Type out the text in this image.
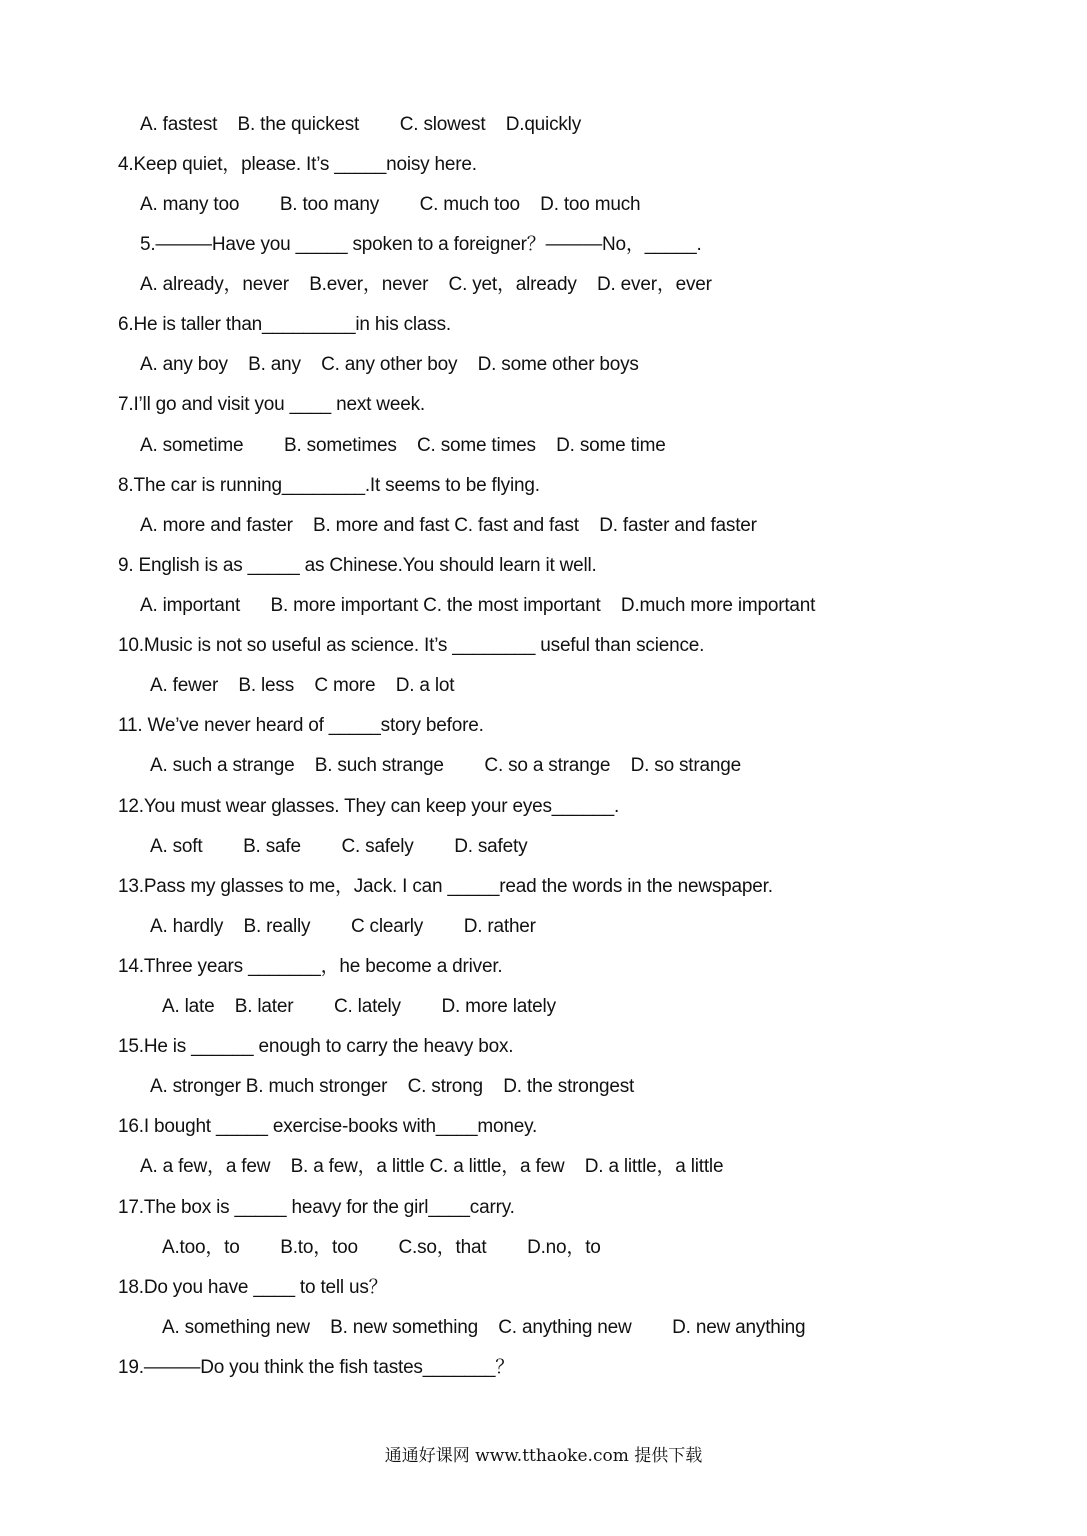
A. fastest    B. the quickest        C. slowest    D.quickly
4.Keep quiet，please. It’s _____noisy here.
A. many too        B. too many        C. much too    D. too much
5.———Have you _____ spoken to a foreigner？———No，_____.
A. already，never    B.ever，never    C. yet，already    D. ever，ever
6.He is taller than_________in his class.
A. any boy    B. any    C. any other boy    D. some other boys
7.I’ll go and visit you ____ next week.
A. sometime        B. sometimes    C. some times    D. some time
8.The car is running________.It seems to be flying.
A. more and faster    B. more and fast C. fast and fast    D. faster and faster
9. English is as _____ as Chinese.You should learn it well.
A. important      B. more important C. the most important    D.much more important
10.Music is not so useful as science. It’s ________ useful than science.
A. fewer    B. less    C more    D. a lot
11. We’ve never heard of _____story before.
A. such a strange    B. such strange        C. so a strange    D. so strange
12.You must wear glasses. They can keep your eyes______.
A. soft        B. safe        C. safely        D. safety
13.Pass my glasses to me，Jack. I can _____read the words in the newspaper.
A. hardly    B. really        C clearly        D. rather
14.Three years _______，he become a driver.
A. late    B. later        C. lately        D. more lately
15.He is ______ enough to carry the heavy box.
A. stronger B. much stronger    C. strong    D. the strongest
16.I bought _____ exercise-books with____money.
A. a few，a few    B. a few，a little C. a little，a few    D. a little，a little
17.The box is _____ heavy for the girl____carry.
A.too，to        B.to，too        C.so，that        D.no，to
18.Do you have ____ to tell us？
A. something new    B. new something    C. anything new        D. new anything
19.———Do you think the fish tastes_______？
通通好课网 www.tthaoke.com 提供下载
